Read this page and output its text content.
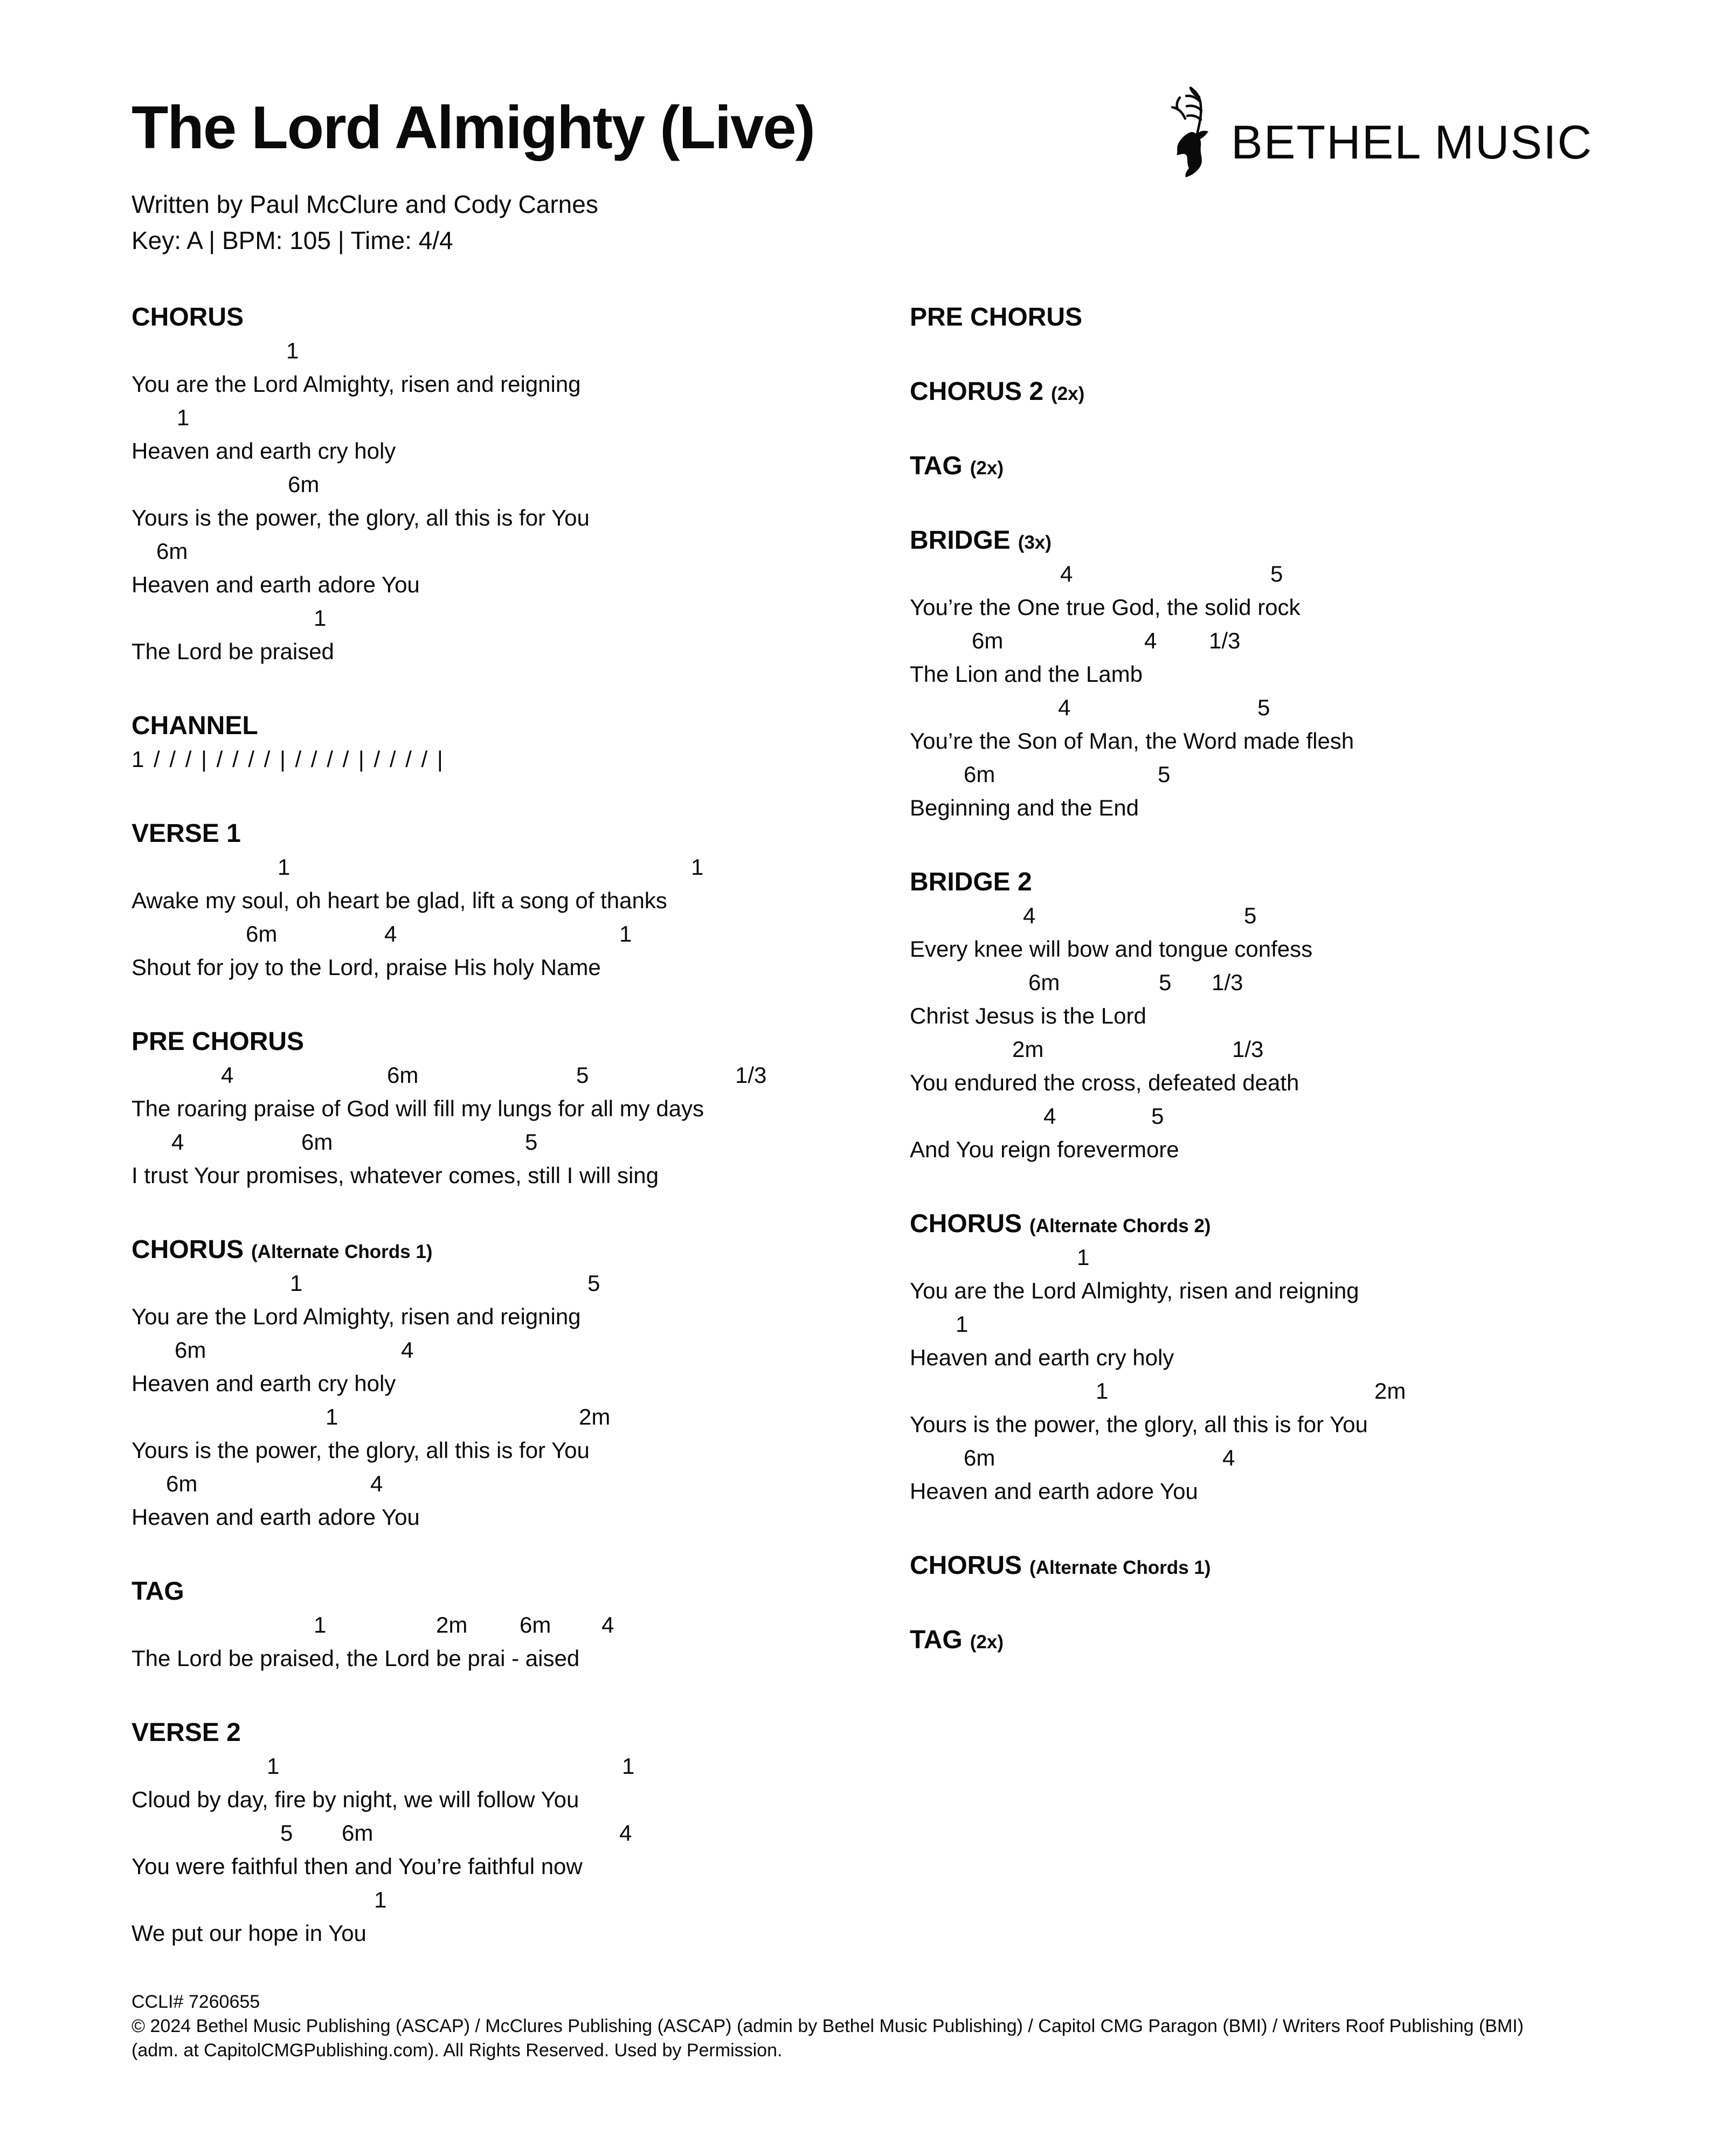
The Lord Almighty (Live)
Written by Paul McClure and Cody Carnes
Key: A | BPM: 105 | Time: 4/4
BETHEL MUSIC
CHORUS
1
You are the Lord Almighty, risen and reigning
1
Heaven and earth cry holy
6m
Yours is the power, the glory, all this is for You
6m
Heaven and earth adore You
1
The Lord be praised
CHANNEL
1 / / / | / / / / | / / / / | / / / / |
VERSE 1
1	1
Awake my soul, oh heart be glad, lift a song of thanks
6m	4	1
Shout for joy to the Lord, praise His holy Name
PRE CHORUS
4	6m	5	1/3
The roaring praise of God will fill my lungs for all my days
4	6m	5
I trust Your promises, whatever comes, still I will sing
CHORUS (Alternate Chords 1)
1	5
You are the Lord Almighty, risen and reigning
6m	4
Heaven and earth cry holy
1	2m
Yours is the power, the glory, all this is for You
6m	4
Heaven and earth adore You
TAG
1	2m 6m 4
The Lord be praised, the Lord be prai - aised
VERSE 2
1	1
Cloud by day, fire by night, we will follow You
5 6m	4
You were faithful then and You’re faithful now
1
We put our hope in You
PRE CHORUS
CHORUS 2 (2x)
TAG (2x)
BRIDGE (3x)
4	5
You’re the One true God, the solid rock
6m	4 1/3
The Lion and the Lamb
4	5
You’re the Son of Man, the Word made flesh
6m	5
Beginning and the End
BRIDGE 2
4	5
Every knee will bow and tongue confess
6m	5 1/3
Christ Jesus is the Lord
2m	1/3
You endured the cross, defeated death
4	5
And You reign forevermore
CHORUS (Alternate Chords 2)
1
You are the Lord Almighty, risen and reigning
1
Heaven and earth cry holy
1	2m
Yours is the power, the glory, all this is for You
6m	4
Heaven and earth adore You
CHORUS (Alternate Chords 1)
TAG (2x)
CCLI# 7260655
© 2024 Bethel Music Publishing (ASCAP) / McClures Publishing (ASCAP) (admin by Bethel Music Publishing) / Capitol CMG Paragon (BMI) / Writers Roof Publishing (BMI)
(adm. at CapitolCMGPublishing.com). All Rights Reserved. Used by Permission.
